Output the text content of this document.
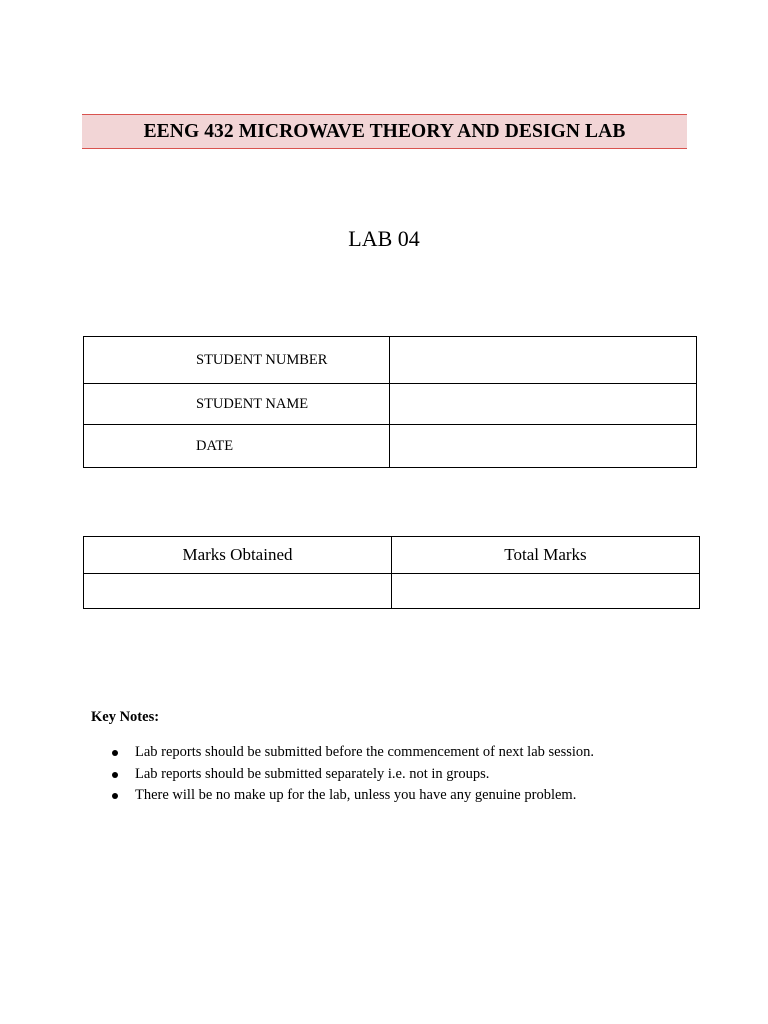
EENG 432 MICROWAVE THEORY AND DESIGN LAB
LAB 04
STUDENT NUMBER	
STUDENT NAME	
DATE	
Marks Obtained	Total Marks

Key Notes:
Lab reports should be submitted before the commencement of next lab session.
Lab reports should be submitted separately i.e. not in groups.
There will be no make up for the lab, unless you have any genuine problem.
